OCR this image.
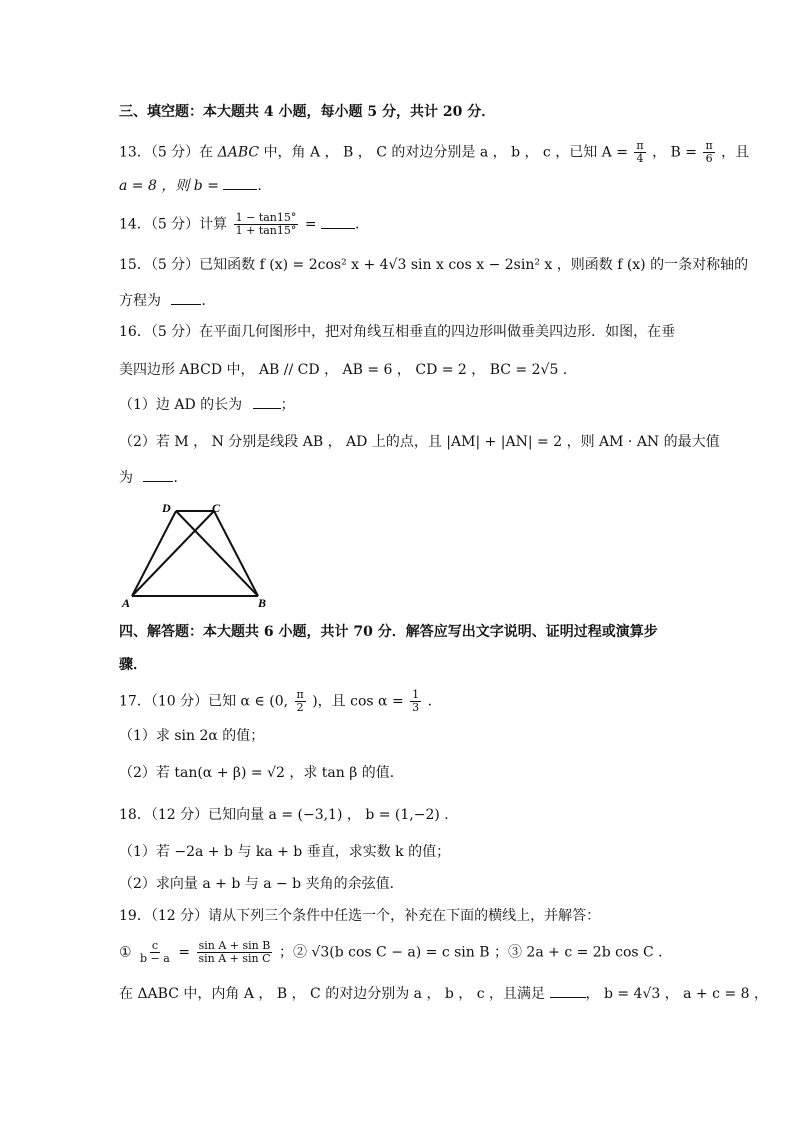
三、填空题：本大题共 4 小题，每小题 5 分，共计 20 分．
13．（5 分）在 ΔABC 中，角 A ， B ， C 的对边分别是 a ， b ， c ，已知 $A = \frac{\pi}{4}$ ， $B = \frac{\pi}{6}$ ，且
a = 8 ，则 b =	．
14．（5 分）计算 $\frac{1 - \tan 15^\circ}{1 + \tan 15^\circ}$ =	．
15．（5 分）已知函数 f (x) = 2cos² x + 4√3 sin x cos x − 2sin² x ，则函数 f (x) 的一条对称轴的
方程为	．
16．（5 分）在平面几何图形中，把对角线互相垂直的四边形叫做垂美四边形．如图，在垂
美四边形 ABCD 中， AB // CD ， AB = 6 ， CD = 2 ， BC = 2√5 ．
（1）边 AD 的长为	；
（2）若 M ， N 分别是线段 AB ， AD 上的点，且 |AM| + |AN| = 2 ，则 AM · AN 的最大值
为	．
D	C
A	B
四、解答题：本大题共 6 小题，共计 70 分．解答应写出文字说明、证明过程或演算步
骤．
17．（10 分）已知 α ∈ (0, $\frac{\pi}{2}$ )，且 $\cos \alpha = \frac{1}{3}$ ．
（1）求 sin 2α 的值；
（2）若 tan(α + β) = √2 ，求 tan β 的值．
18．（12 分）已知向量 a = (−3,1) ， b = (1,−2) ．
（1）若 −2a + b 与 ka + b 垂直，求实数 k 的值；
（2）求向量 a + b 与 a − b 夹角的余弦值．
19．（12 分）请从下列三个条件中任选一个，补充在下面的横线上，并解答：
① $\frac{c}{b - a} = \frac{\text{sin A + sin B}}{\text{sin A + sin C}}$ ；② √3(b cos C − a) = c sin B ；③ 2a + c = 2b cos C ．
在 ΔABC 中，内角 A ， B ， C 的对边分别为 a ， b ， c ，且满足	， b = 4√3 ， a + c = 8 ，
